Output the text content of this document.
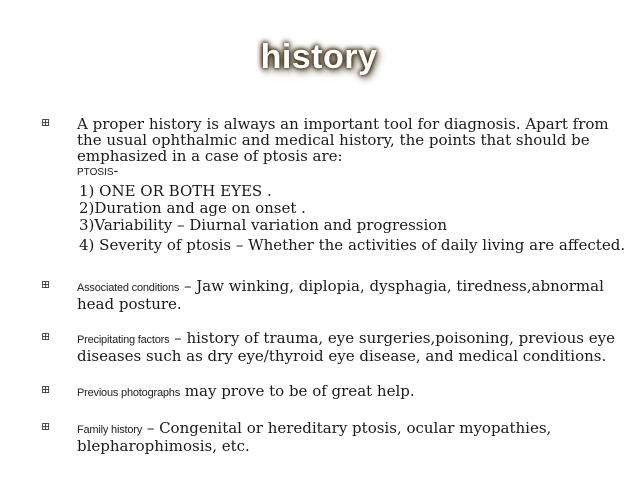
history
⊞
A proper history is always an important tool for diagnosis. Apart from the usual ophthalmic and medical history, the points that should be emphasized in a case of ptosis are:
PTOSIS-
1) ONE OR BOTH EYES .
2)Duration and age on onset .
3)Variability – Diurnal variation and progression
4) Severity of ptosis – Whether the activities of daily living are affected.
⊞
Associated conditions – Jaw winking, diplopia, dysphagia, tiredness,abnormal head posture.
⊞
Precipitating factors – history of trauma, eye surgeries,poisoning, previous eye diseases such as dry eye/thyroid eye disease, and medical conditions.
⊞
Previous photographs may prove to be of great help.
⊞
Family history – Congenital or hereditary ptosis, ocular myopathies, blepharophimosis, etc.
